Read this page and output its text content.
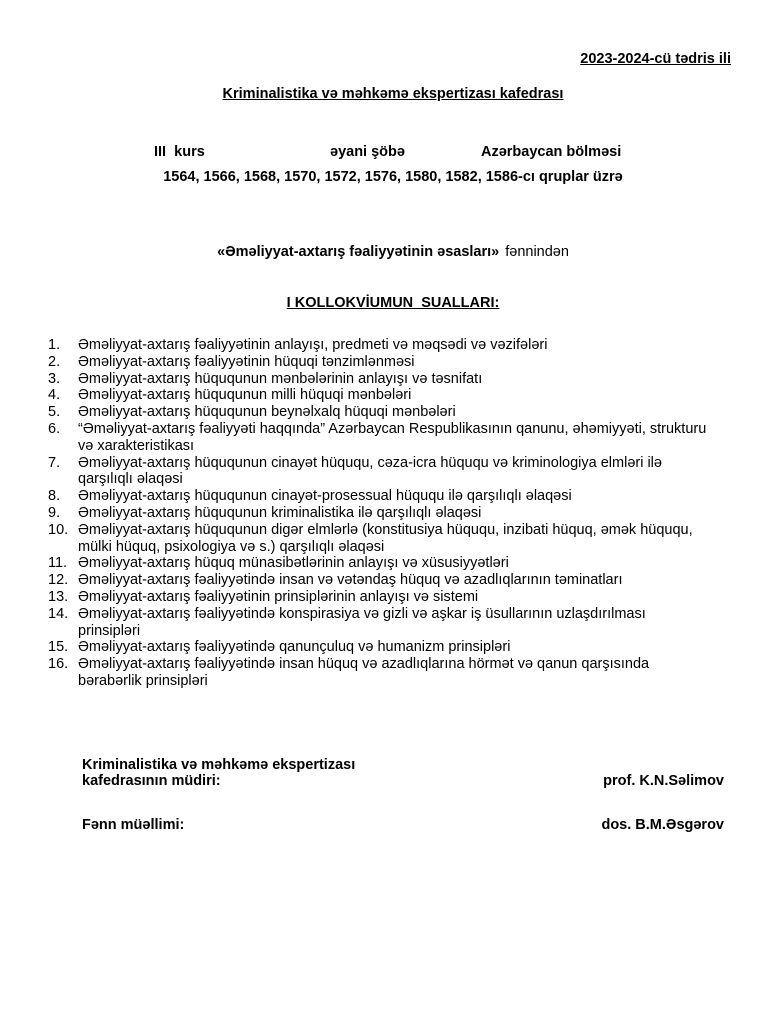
2023-2024-cü tədris ili
Kriminalistika və məhkəmə ekspertizası kafedrası
III  kurs	əyani şöbə	Azərbaycan bölməsi
1564, 1566, 1568, 1570, 1572, 1576, 1580, 1582, 1586-cı qruplar üzrə
«Əməliyyat-axtarış fəaliyyətinin əsasları» fənnindən
I KOLLOKVİUMUN  SUALLARI:
1.	Əməliyyat-axtarış fəaliyyətinin anlayışı, predmeti və məqsədi və vəzifələri
2.	Əməliyyat-axtarış fəaliyyətinin hüquqi tənzimlənməsi
3.	Əməliyyat-axtarış hüququnun mənbələrinin anlayışı və təsnifatı
4.	Əməliyyat-axtarış hüququnun milli hüquqi mənbələri
5.	Əməliyyat-axtarış hüququnun beynəlxalq hüquqi mənbələri
6.	“Əməliyyat-axtarış fəaliyyəti haqqında” Azərbaycan Respublikasının qanunu, əhəmiyyəti, strukturu və xarakteristikası
7.	Əməliyyat-axtarış hüququnun cinayət hüququ, cəza-icra hüququ və kriminologiya elmləri ilə qarşılıqlı əlaqəsi
8.	Əməliyyat-axtarış hüququnun cinayət-prosessual hüququ ilə qarşılıqlı əlaqəsi
9.	Əməliyyat-axtarış hüququnun kriminalistika ilə qarşılıqlı əlaqəsi
10. Əməliyyat-axtarış hüququnun digər elmlərlə (konstitusiya hüququ, inzibati hüquq, əmək hüququ, mülki hüquq, psixologiya və s.) qarşılıqlı əlaqəsi
11. Əməliyyat-axtarış hüquq münasibətlərinin anlayışı və xüsusiyyətləri
12. Əməliyyat-axtarış fəaliyyətində insan və vətəndaş hüquq və azadlıqlarının təminatları
13. Əməliyyat-axtarış fəaliyyətinin prinsiplərinin anlayışı və sistemi
14. Əməliyyat-axtarış fəaliyyətində konspirasiya və gizli və aşkar iş üsullarının uzlaşdırılması prinsipləri
15. Əməliyyat-axtarış fəaliyyətində qanunçuluq və humanizm prinsipləri
16. Əməliyyat-axtarış fəaliyyətində insan hüquq və azadlıqlarına hörmət və qanun qarşısında bərabərlik prinsipləri
Kriminalistika və məhkəmə ekspertizası
kafedrasının müdiri:	prof. K.N.Səlimov
Fənn müəllimi:	dos. B.M.Əsgərov
